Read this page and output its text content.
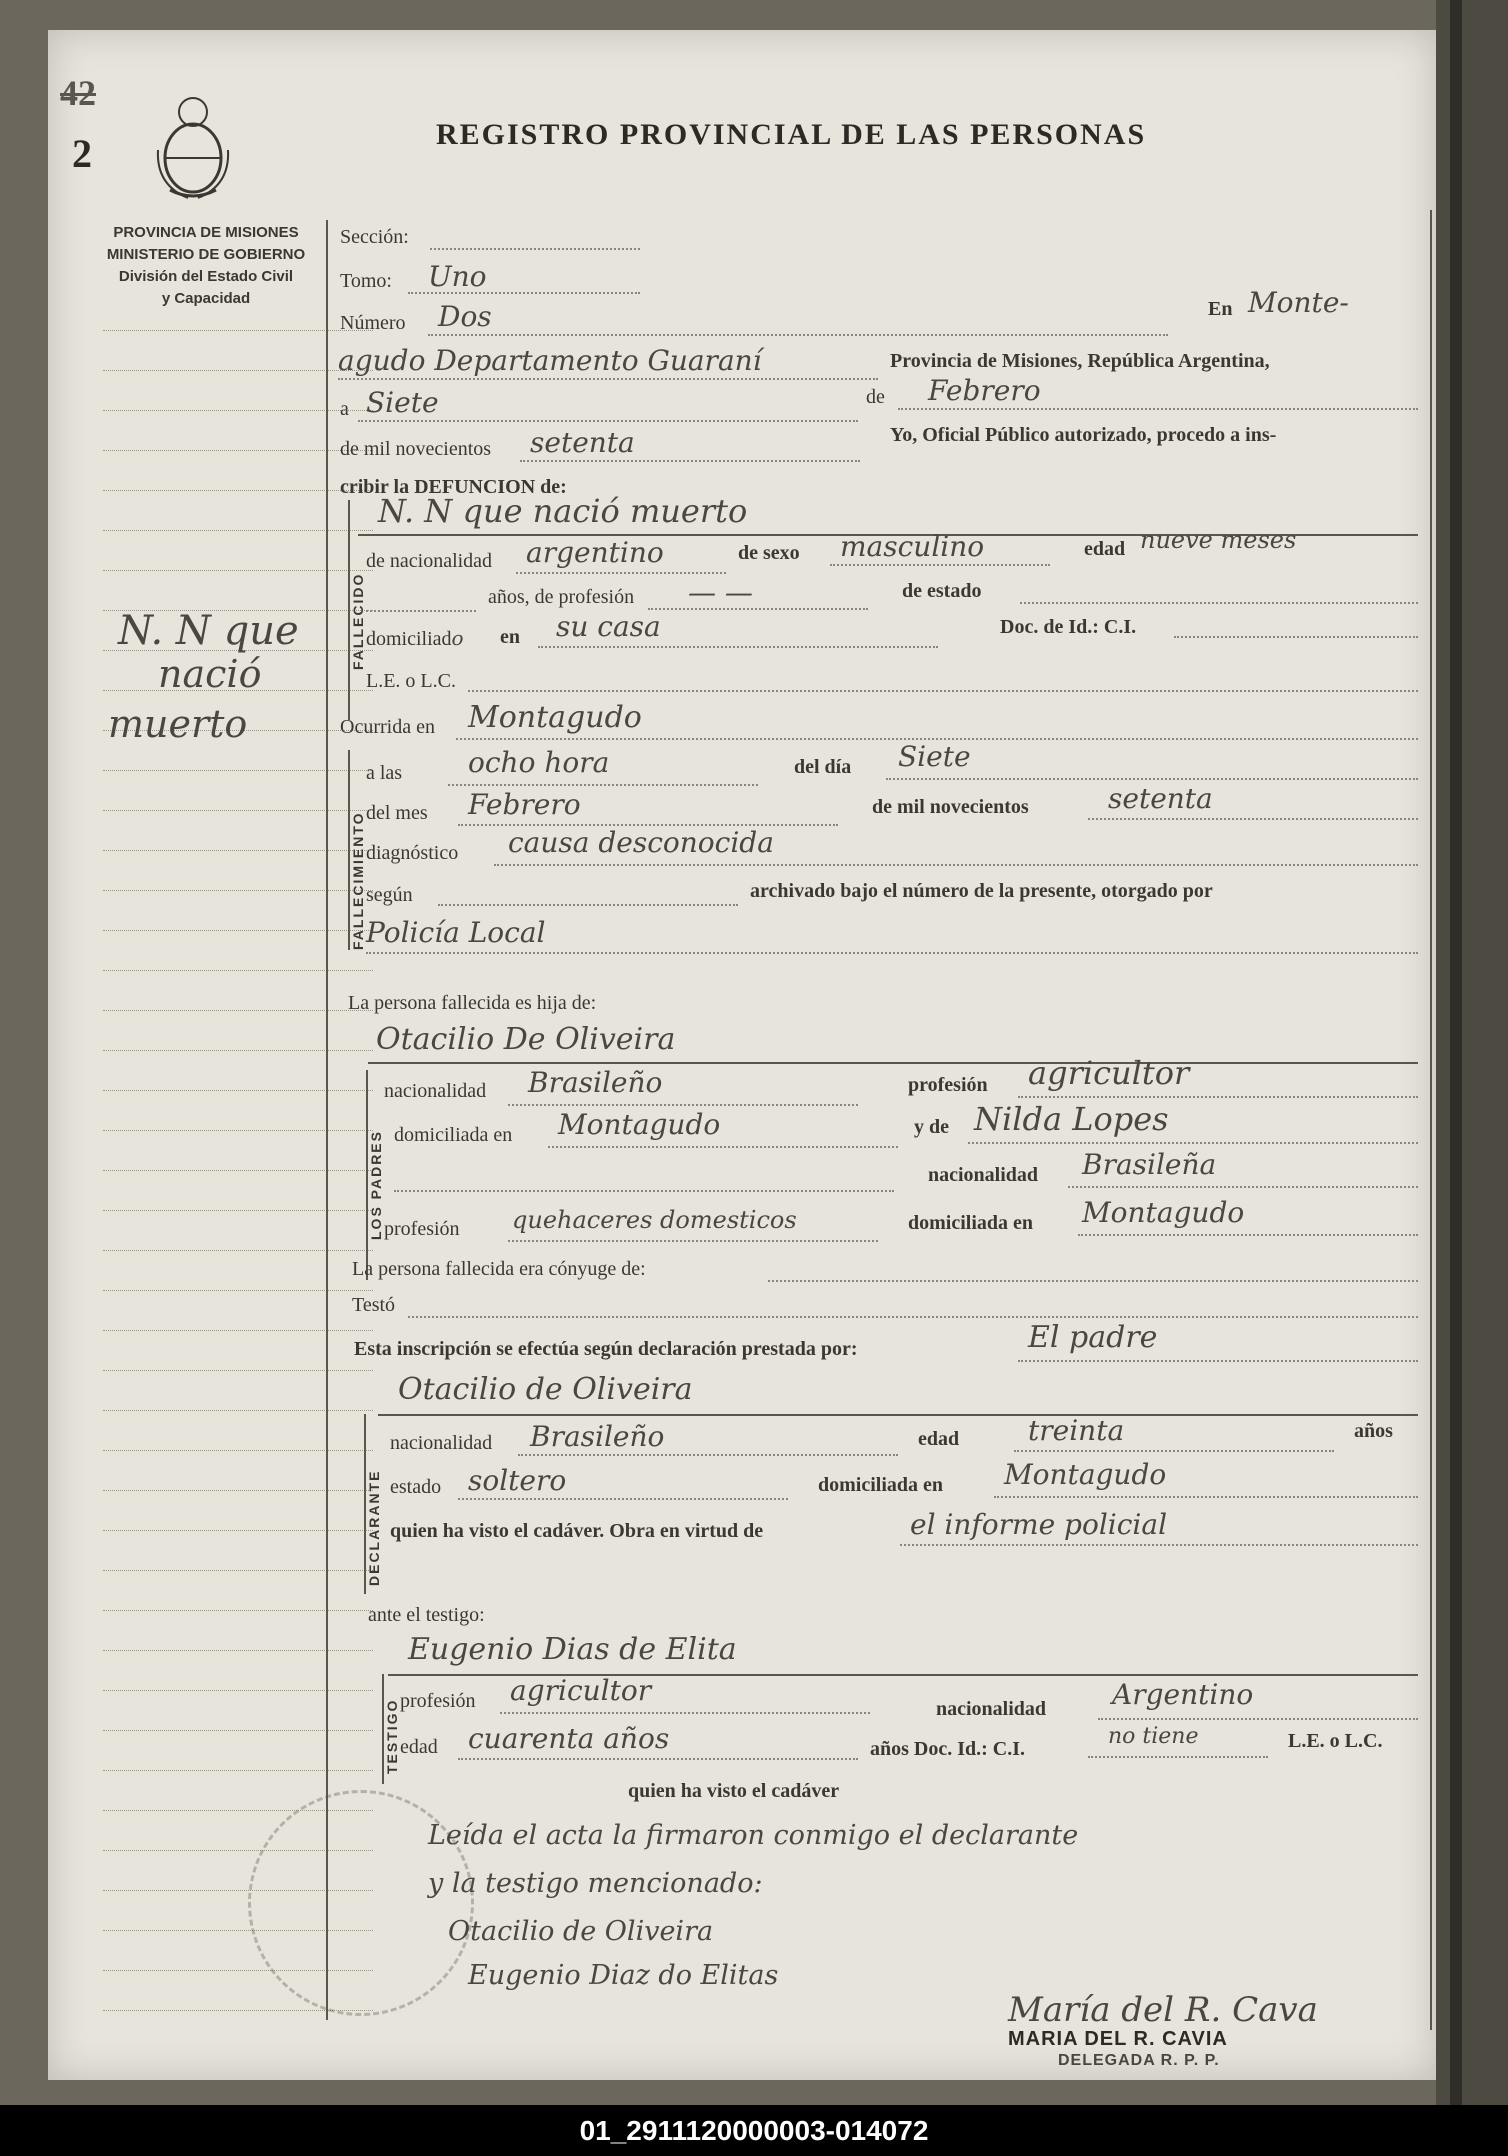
42
2	REGISTRO PROVINCIAL DE LAS PERSONAS
PROVINCIA DE MISIONES
MINISTERIO DE GOBIERNO
División del Estado Civil
y Capacidad
N. N que
nació
muerto
Sección:
Tomo: Uno
Número Dos	En Monte-
agudo Departamento Guaraní	Provincia de Misiones, República Argentina,
a Siete	de Febrero
de mil novecientos setenta	Yo, Oficial Público autorizado, procedo a ins-
cribir la DEFUNCION de:
FALLECIDO
N. N que nació muerto
de nacionalidad argentino	de sexo masculino	edad nueve meses
años, de profesión — —	de estado
domiciliado en su casa	Doc. de Id.: C.I.
L.E. o L.C.
Ocurrida en Montagudo
FALLECIMIENTO
a las ocho hora	del día Siete
del mes Febrero	de mil novecientos	setenta
diagnóstico causa desconocida
según	archivado bajo el número de la presente, otorgado por
Policía Local
La persona fallecida es hija de:
Otacilio De Oliveira
LOS PADRES
nacionalidad Brasileño	profesión agricultor
domiciliada en Montagudo	y de Nilda Lopes
nacionalidad Brasileña
profesión quehaceres domesticos	domiciliada en Montagudo
La persona fallecida era cónyuge de:
Testó
Esta inscripción se efectúa según declaración prestada por:	El padre
Otacilio de Oliveira
DECLARANTE
nacionalidad Brasileño	edad treinta	años
estado soltero	domiciliada en Montagudo
quien ha visto el cadáver. Obra en virtud de	el informe policial
ante el testigo:
Eugenio Dias de Elita
TESTIGO profesión agricultor
nacionalidad Argentino
edad cuarenta años	años Doc. Id.: C.I.	no tiene	L.E. o L.C.
quien ha visto el cadáver
Leída el acta la firmaron conmigo el declarante
y la testigo mencionado:
Otacilio de Oliveira
Eugenio Diaz do Elitas
María del R. Cava
MARIA DEL R. CAVIA
DELEGADA R. P. P.
01_2911120000003-014072
